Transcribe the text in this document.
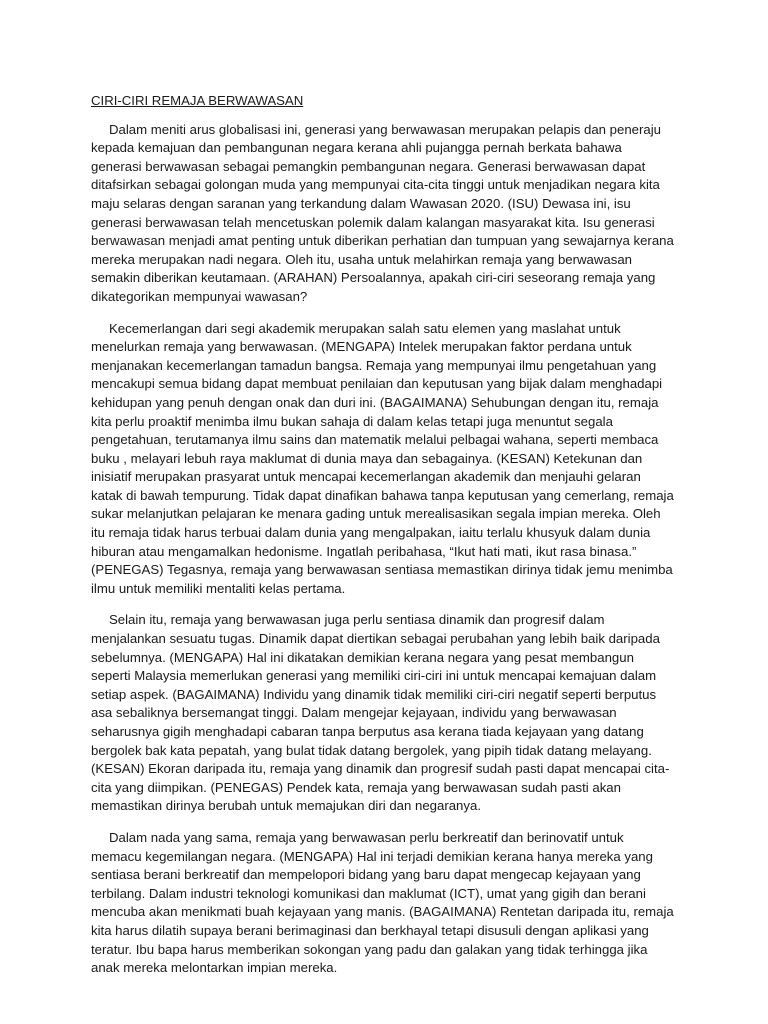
CIRI-CIRI REMAJA BERWAWASAN

Dalam meniti arus globalisasi ini, generasi yang berwawasan merupakan pelapis dan peneraju kepada kemajuan dan pembangunan negara kerana ahli pujangga pernah berkata bahawa generasi berwawasan sebagai pemangkin pembangunan negara. Generasi berwawasan dapat ditafsirkan sebagai golongan muda yang mempunyai cita-cita tinggi untuk menjadikan negara kita maju selaras dengan saranan yang terkandung dalam Wawasan 2020. (ISU) Dewasa ini, isu generasi berwawasan telah mencetuskan polemik dalam kalangan masyarakat kita. Isu generasi berwawasan menjadi amat penting untuk diberikan perhatian dan tumpuan yang sewajarnya kerana mereka merupakan nadi negara. Oleh itu, usaha untuk melahirkan remaja yang berwawasan semakin diberikan keutamaan. (ARAHAN) Persoalannya, apakah ciri-ciri seseorang remaja yang dikategorikan mempunyai wawasan?

Kecemerlangan dari segi akademik merupakan salah satu elemen yang maslahat untuk menelurkan remaja yang berwawasan. (MENGAPA) Intelek merupakan faktor perdana untuk menjanakan kecemerlangan tamadun bangsa. Remaja yang mempunyai ilmu pengetahuan yang mencakupi semua bidang dapat membuat penilaian dan keputusan yang bijak dalam menghadapi kehidupan yang penuh dengan onak dan duri ini. (BAGAIMANA) Sehubungan dengan itu, remaja kita perlu proaktif menimba ilmu bukan sahaja di dalam kelas tetapi juga menuntut segala pengetahuan, terutamanya ilmu sains dan matematik melalui pelbagai wahana, seperti membaca buku , melayari lebuh raya maklumat di dunia maya dan sebagainya. (KESAN) Ketekunan dan inisiatif merupakan prasyarat untuk mencapai kecemerlangan akademik dan menjauhi gelaran katak di bawah tempurung. Tidak dapat dinafikan bahawa tanpa keputusan yang cemerlang, remaja sukar melanjutkan pelajaran ke menara gading untuk merealisasikan segala impian mereka. Oleh itu remaja tidak harus terbuai dalam dunia yang mengalpakan, iaitu terlalu khusyuk dalam dunia hiburan atau mengamalkan hedonisme. Ingatlah peribahasa, “Ikut hati mati, ikut rasa binasa.” (PENEGAS) Tegasnya, remaja yang berwawasan sentiasa memastikan dirinya tidak jemu menimba ilmu untuk memiliki mentaliti kelas pertama.

Selain itu, remaja yang berwawasan juga perlu sentiasa dinamik dan progresif dalam menjalankan sesuatu tugas. Dinamik dapat diertikan sebagai perubahan yang lebih baik daripada sebelumnya. (MENGAPA) Hal ini dikatakan demikian kerana negara yang pesat membangun seperti Malaysia memerlukan generasi yang memiliki ciri-ciri ini untuk mencapai kemajuan dalam setiap aspek. (BAGAIMANA) Individu yang dinamik tidak memiliki ciri-ciri negatif seperti berputus asa sebaliknya bersemangat tinggi. Dalam mengejar kejayaan, individu yang berwawasan seharusnya gigih menghadapi cabaran tanpa berputus asa kerana tiada kejayaan yang datang bergolek bak kata pepatah, yang bulat tidak datang bergolek, yang pipih tidak datang melayang. (KESAN) Ekoran daripada itu, remaja yang dinamik dan progresif sudah pasti dapat mencapai cita-cita yang diimpikan. (PENEGAS) Pendek kata, remaja yang berwawasan sudah pasti akan memastikan dirinya berubah untuk memajukan diri dan negaranya.

Dalam nada yang sama, remaja yang berwawasan perlu berkreatif dan berinovatif untuk memacu kegemilangan negara. (MENGAPA) Hal ini terjadi demikian kerana hanya mereka yang sentiasa berani berkreatif dan mempelopori bidang yang baru dapat mengecap kejayaan yang terbilang. Dalam industri teknologi komunikasi dan maklumat (ICT), umat yang gigih dan berani mencuba akan menikmati buah kejayaan yang manis. (BAGAIMANA) Rentetan daripada itu, remaja kita harus dilatih supaya berani berimaginasi dan berkhayal tetapi disusuli dengan aplikasi yang teratur. Ibu bapa harus memberikan sokongan yang padu dan galakan yang tidak terhingga jika anak mereka melontarkan impian mereka.
